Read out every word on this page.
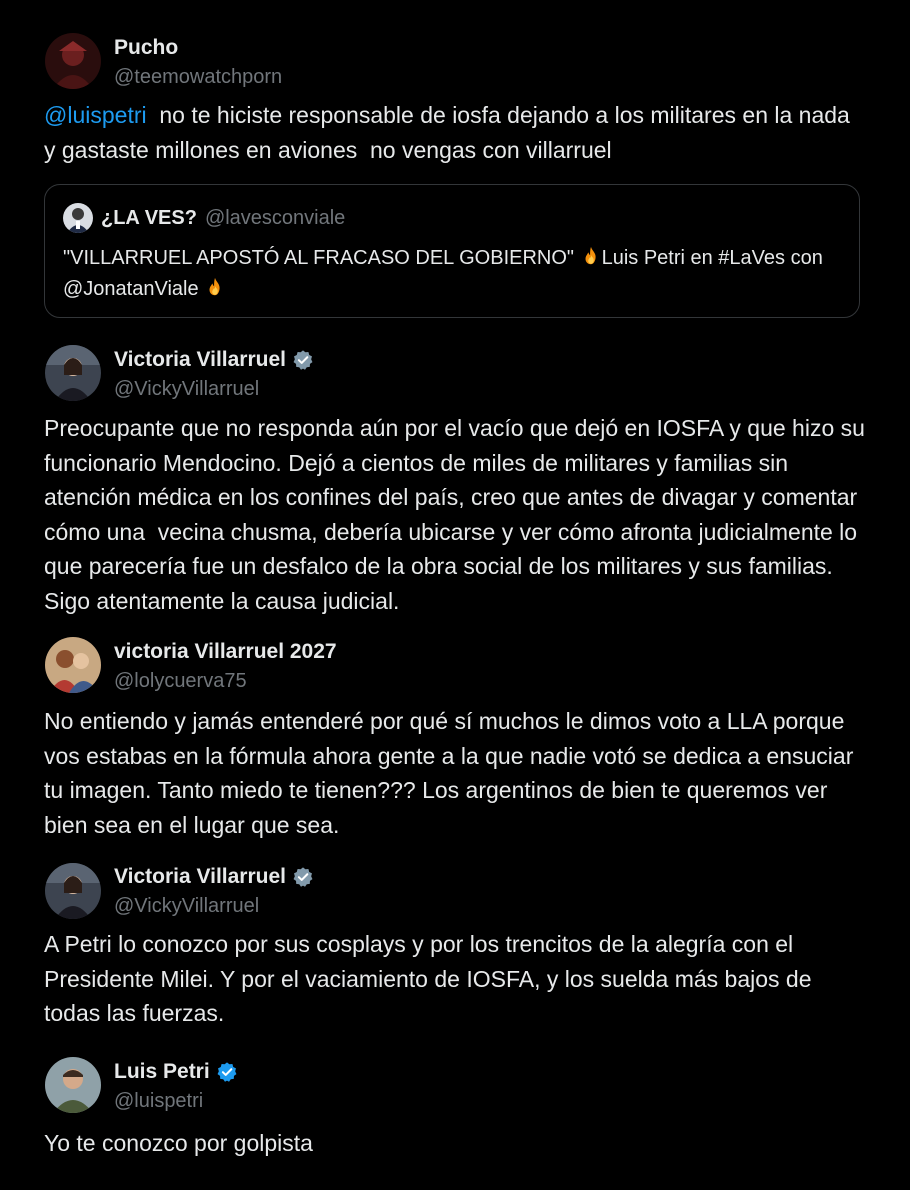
Pucho
@teemowatchporn
@luispetri  no te hiciste responsable de iosfa dejando a los militares en la nada y gastaste millones en aviones  no vengas con villarruel
¿LA VES? @lavesconviale
"VILLARRUEL APOSTÓ AL FRACASO DEL GOBIERNO" Luis Petri en #LaVes con @JonatanViale
Victoria Villarruel
@VickyVillarruel
Preocupante que no responda aún por el vacío que dejó en IOSFA y que hizo su funcionario Mendocino. Dejó a cientos de miles de militares y familias sin atención médica en los confines del país, creo que antes de divagar y comentar cómo una  vecina chusma, debería ubicarse y ver cómo afronta judicialmente lo que parecería fue un desfalco de la obra social de los militares y sus familias. Sigo atentamente la causa judicial.
victoria Villarruel 2027
@lolycuerva75
No entiendo y jamás entenderé por qué sí muchos le dimos voto a LLA porque vos estabas en la fórmula ahora gente a la que nadie votó se dedica a ensuciar tu imagen. Tanto miedo te tienen??? Los argentinos de bien te queremos ver bien sea en el lugar que sea.
Victoria Villarruel
@VickyVillarruel
A Petri lo conozco por sus cosplays y por los trencitos de la alegría con el Presidente Milei. Y por el vaciamiento de IOSFA, y los suelda más bajos de todas las fuerzas.
Luis Petri
@luispetri
Yo te conozco por golpista
